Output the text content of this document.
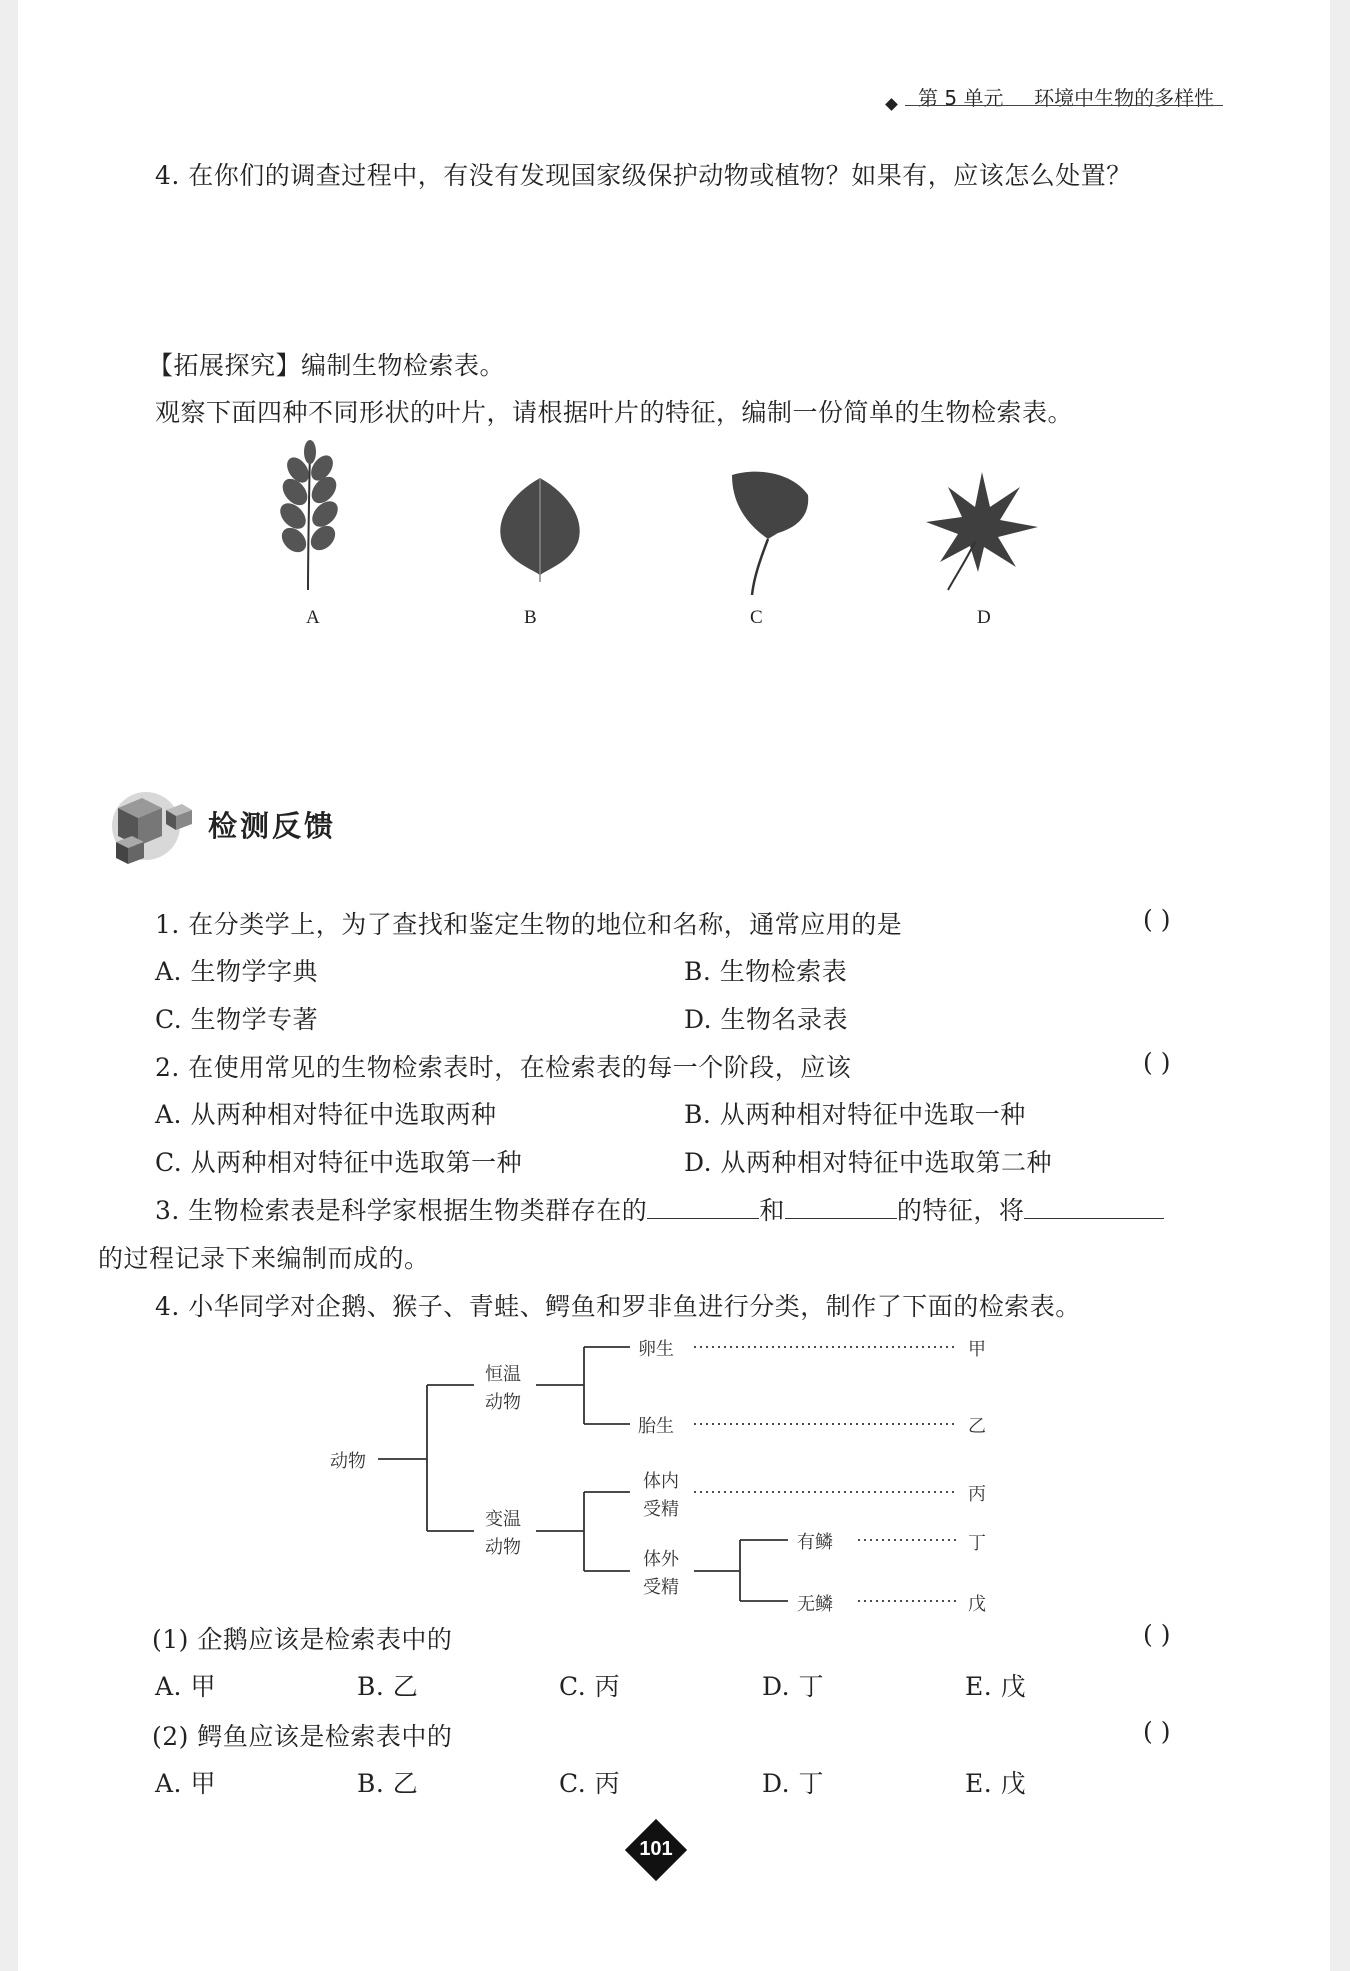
第 5 单元 环境中生物的多样性
4. 在你们的调查过程中，有没有发现国家级保护动物或植物？如果有，应该怎么处置？
【拓展探究】编制生物检索表。
观察下面四种不同形状的叶片，请根据叶片的特征，编制一份简单的生物检索表。
A	B	C	D
检测反馈
1. 在分类学上，为了查找和鉴定生物的地位和名称，通常应用的是	( )
A. 生物学字典	B. 生物检索表
C. 生物学专著	D. 生物名录表
2. 在使用常见的生物检索表时，在检索表的每一个阶段，应该	( )
A. 从两种相对特征中选取两种	B. 从两种相对特征中选取一种
C. 从两种相对特征中选取第一种	D. 从两种相对特征中选取第二种
3. 生物检索表是科学家根据生物类群存在的	和	的特征，将
的过程记录下来编制而成的。
4. 小华同学对企鹅、猴子、青蛙、鳄鱼和罗非鱼进行分类，制作了下面的检索表。
动物
恒温
动物
变温
动物
卵生
胎生
体内
受精
体外
受精
有鳞
无鳞
甲
乙
丙
丁
戊
(1) 企鹅应该是检索表中的	( )
A. 甲	B. 乙	C. 丙	D. 丁	E. 戊
(2) 鳄鱼应该是检索表中的	( )
A. 甲	B. 乙	C. 丙	D. 丁	E. 戊
101
